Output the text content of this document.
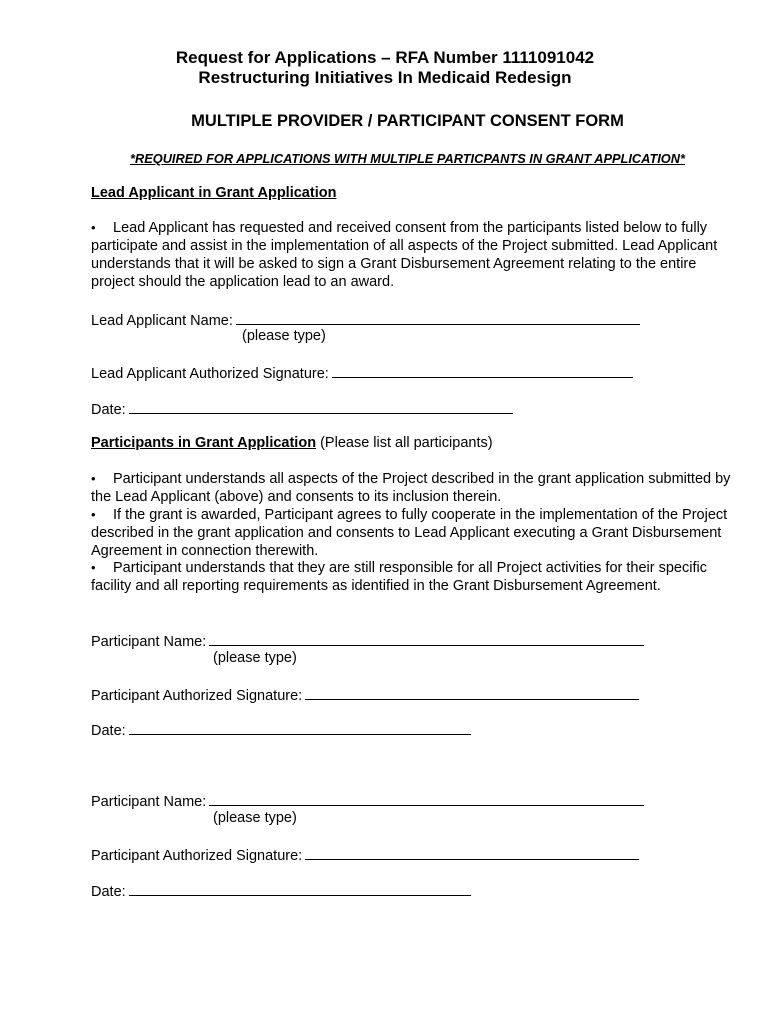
Request for Applications – RFA Number 1111091042
Restructuring Initiatives In Medicaid Redesign
MULTIPLE PROVIDER / PARTICIPANT CONSENT FORM
*REQUIRED FOR APPLICATIONS WITH MULTIPLE PARTICPANTS IN GRANT APPLICATION*
Lead Applicant in Grant Application
• Lead Applicant has requested and received consent from the participants listed below to fully participate and assist in the implementation of all aspects of the Project submitted. Lead Applicant understands that it will be asked to sign a Grant Disbursement Agreement relating to the entire project should the application lead to an award.
Lead Applicant Name:
(please type)
Lead Applicant Authorized Signature:
Date:
Participants in Grant Application (Please list all participants)
• Participant understands all aspects of the Project described in the grant application submitted by the Lead Applicant (above) and consents to its inclusion therein.
• If the grant is awarded, Participant agrees to fully cooperate in the implementation of the Project described in the grant application and consents to Lead Applicant executing a Grant Disbursement Agreement in connection therewith.
• Participant understands that they are still responsible for all Project activities for their specific facility and all reporting requirements as identified in the Grant Disbursement Agreement.
Participant Name:
(please type)
Participant Authorized Signature:
Date:
Participant Name:
(please type)
Participant Authorized Signature:
Date:
